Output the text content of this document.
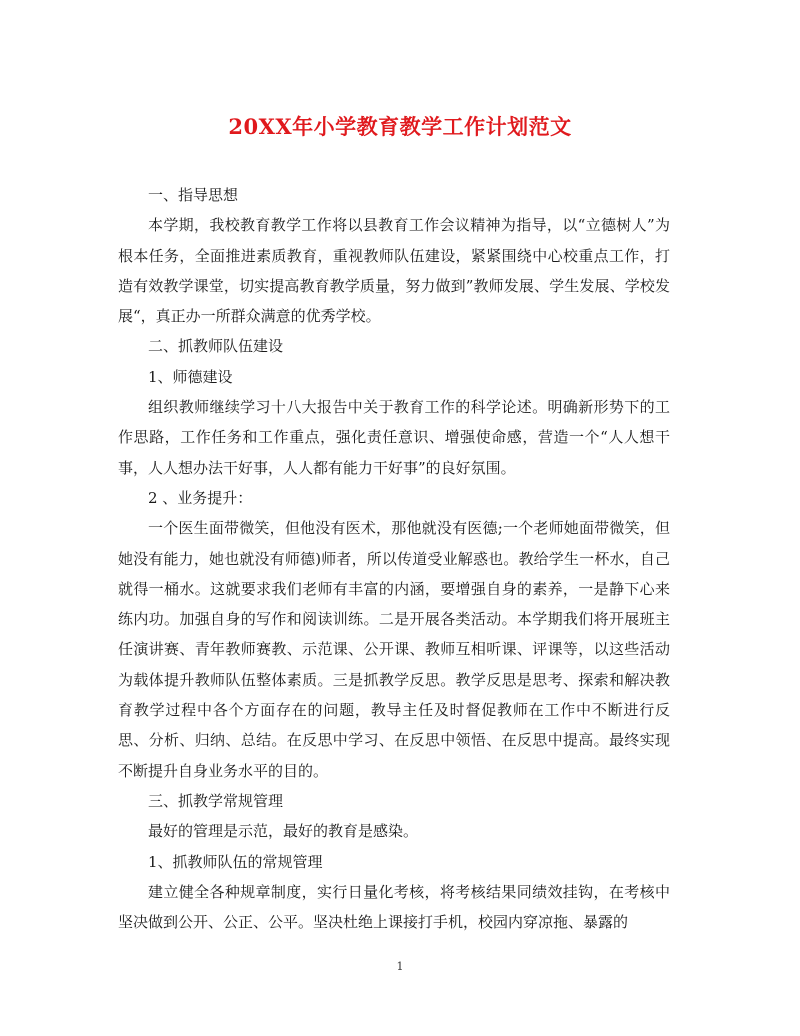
20XX年小学教育教学工作计划范文

一、指导思想

本学期，我校教育教学工作将以县教育工作会议精神为指导，以“立德树人”为根本任务，全面推进素质教育，重视教师队伍建设，紧紧围绕中心校重点工作，打造有效教学课堂，切实提高教育教学质量，努力做到”教师发展、学生发展、学校发展“，真正办一所群众满意的优秀学校。

二、抓教师队伍建设

1、师德建设

组织教师继续学习十八大报告中关于教育工作的科学论述。明确新形势下的工作思路，工作任务和工作重点，强化责任意识、增强使命感，营造一个“人人想干事，人人想办法干好事，人人都有能力干好事”的良好氛围。

2 、业务提升：

一个医生面带微笑，但他没有医术，那他就没有医德;一个老师她面带微笑，但她没有能力，她也就没有师德)师者，所以传道受业解惑也。教给学生一杯水，自己就得一桶水。这就要求我们老师有丰富的内涵，要增强自身的素养，一是静下心来练内功。加强自身的写作和阅读训练。二是开展各类活动。本学期我们将开展班主任演讲赛、青年教师赛教、示范课、公开课、教师互相听课、评课等，以这些活动为载体提升教师队伍整体素质。三是抓教学反思。教学反思是思考、探索和解决教育教学过程中各个方面存在的问题，教导主任及时督促教师在工作中不断进行反思、分析、归纳、总结。在反思中学习、在反思中领悟、在反思中提高。最终实现不断提升自身业务水平的目的。

三、抓教学常规管理

最好的管理是示范，最好的教育是感染。

1、抓教师队伍的常规管理

建立健全各种规章制度，实行日量化考核，将考核结果同绩效挂钩，在考核中坚决做到公开、公正、公平。坚决杜绝上课接打手机，校园内穿凉拖、暴露的

1
